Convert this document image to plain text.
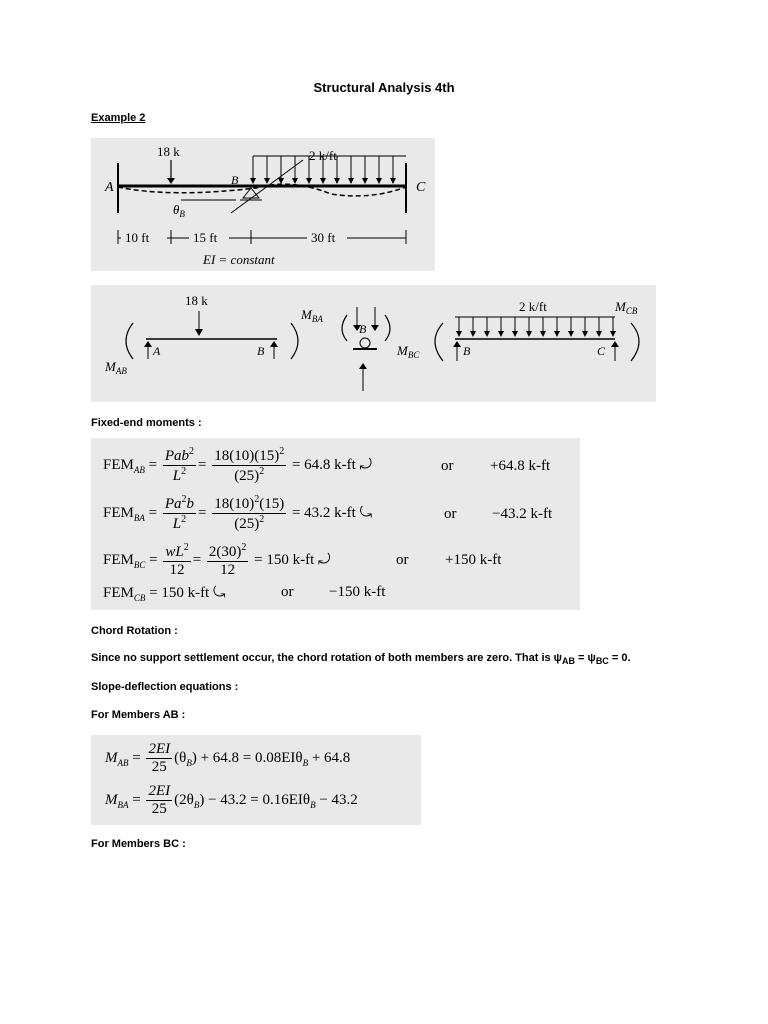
Structural Analysis 4th
Example 2
A	C
B
18 k	2 k/ft
$\theta_B$
10 ft	15 ft	30 ft
EI = constant
18 k	2 k/ft
A	B
B
B	C
$M_{AB}$
$M_{BA}$
$M_{BC}$
$M_{CB}$
Fixed-end moments :
$FEM_{AB} = \frac{Pab^2}{L^2} = \frac{18(10)(15)^2}{(25)^2} = 64.8$ k-ft ⤾	or +64.8 k-ft
$FEM_{BA} = \frac{Pa^2b}{L^2} = \frac{18(10)^2(15)}{(25)^2} = 43.2$ k-ft ⤿	or −43.2 k-ft
$FEM_{BC} = \frac{wL^2}{12} = \frac{2(30)^2}{12} = 150$ k-ft ⤾	or +150 k-ft
$FEM_{CB} = 150$ k-ft ⤿	or −150 k-ft
Chord Rotation :
Since no support settlement occur, the chord rotation of both members are zero. That is $\psi_{AB} = \psi_{BC} = 0$.
Slope-deflection equations :
For Members AB :
$M_{AB} = \frac{2EI}{25} (\theta_B) + 64.8 = 0.08EI\theta_B + 64.8$
$M_{BA} = \frac{2EI}{25} (2\theta_B) - 43.2 = 0.16EI\theta_B - 43.2$
For Members BC :
